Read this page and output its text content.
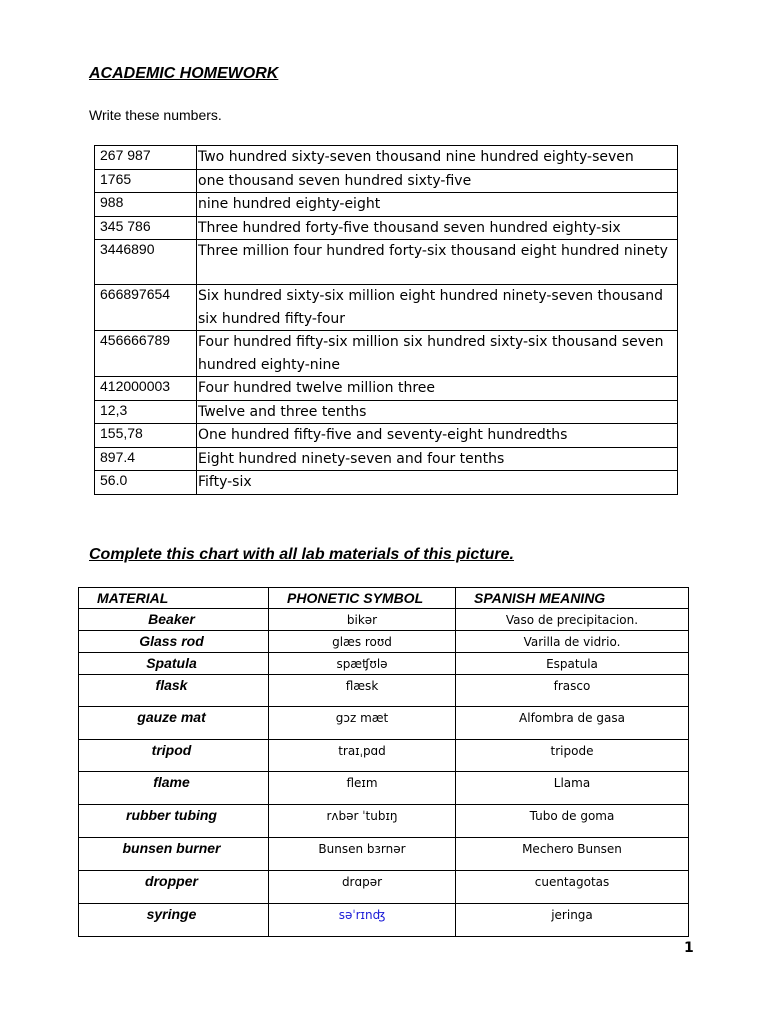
ACADEMIC HOMEWORK
Write these numbers.
267 987	Two hundred sixty-seven thousand nine hundred eighty-seven
1765	one thousand seven hundred sixty-five
988	nine hundred eighty-eight
345 786	Three hundred forty-five thousand seven hundred eighty-six
3446890	Three million four hundred forty-six thousand eight hundred ninety
666897654	Six hundred sixty-six million eight hundred ninety-seven thousand six hundred fifty-four
456666789	Four hundred fifty-six million six hundred sixty-six thousand seven hundred eighty-nine
412000003	Four hundred twelve million three
12,3	Twelve and three tenths
155,78	One hundred fifty-five and seventy-eight hundredths
897.4	Eight hundred ninety-seven and four tenths
56.0	Fifty-six
Complete this chart with all lab materials of this picture.
MATERIAL	PHONETIC SYMBOL	SPANISH MEANING
Beaker	bikər	Vaso de precipitacion.
Glass rod	glæs roʊd	Varilla de vidrio.
Spatula	spæʧʊlə	Espatula
flask	flæsk	frasco
gauze mat	gɔz mæt	Alfombra de gasa
tripod	traɪˌpɑd	tripode
flame	fleɪm	Llama
rubber tubing	rʌbər ˈtubɪŋ	Tubo de goma
bunsen burner	Bunsen bɜrnər	Mechero Bunsen
dropper	drɑpər	cuentagotas
syringe	səˈrɪnʤ	jeringa
1
